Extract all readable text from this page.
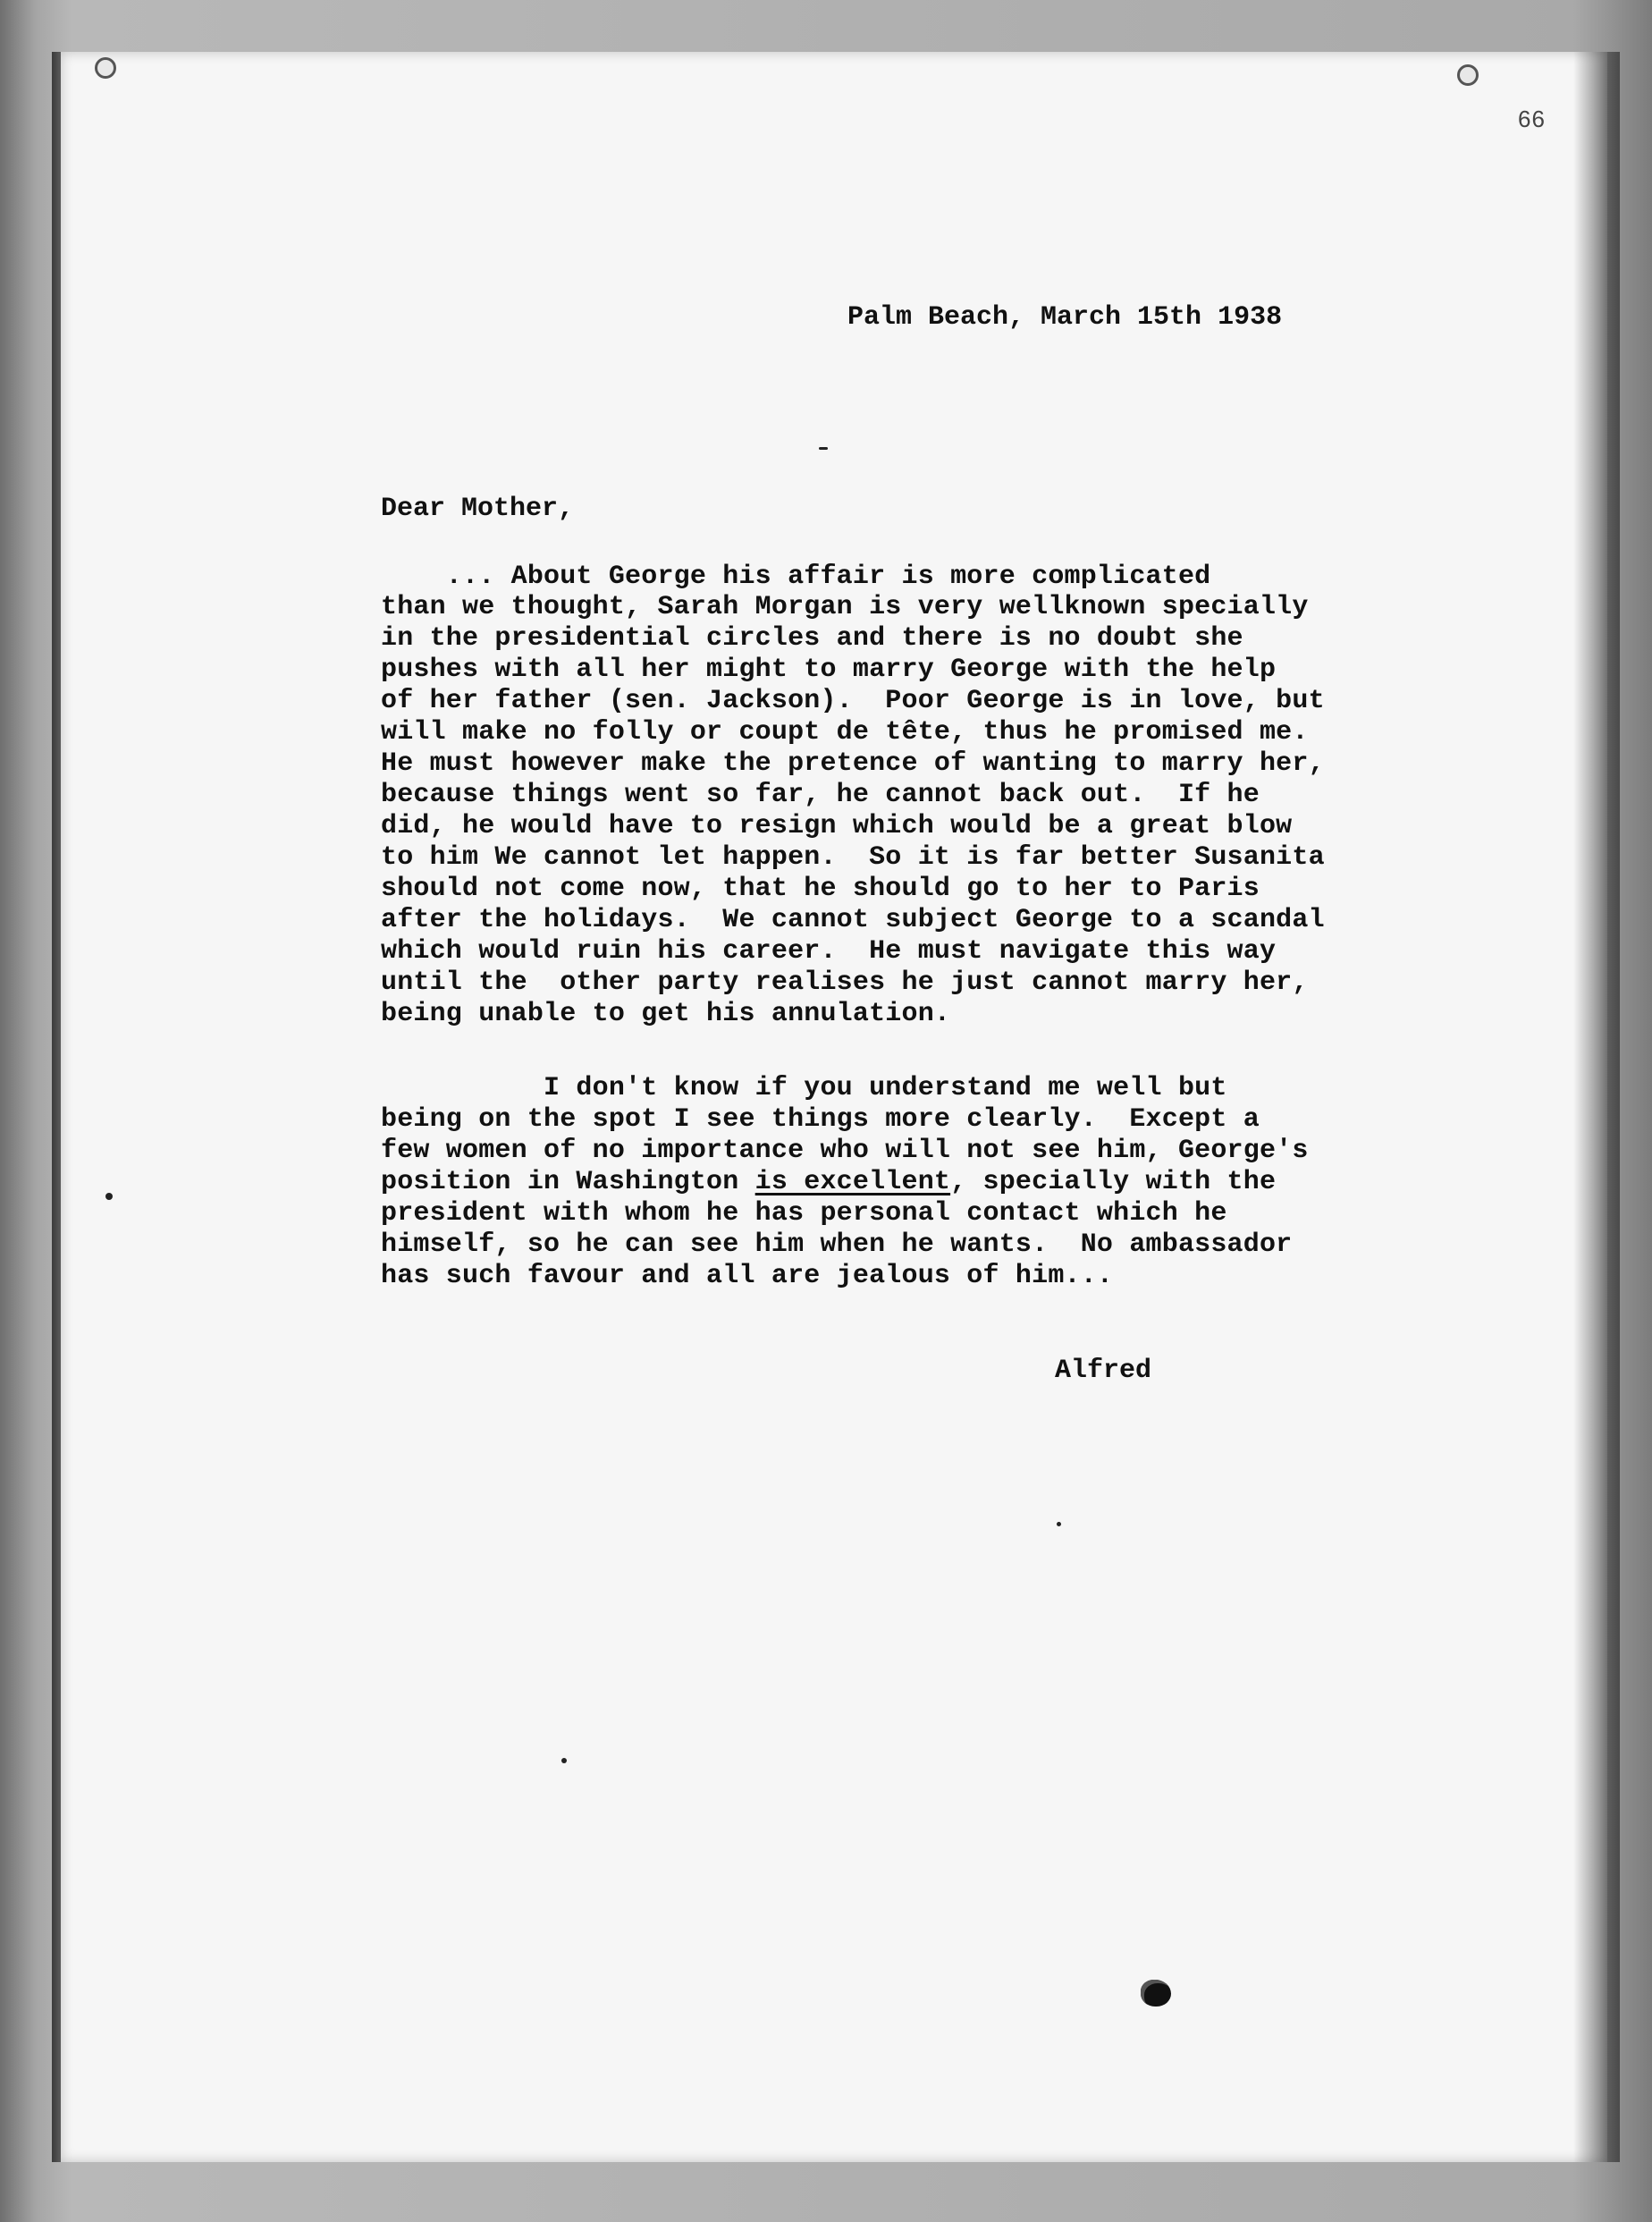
66
Palm Beach, March 15th 1938
Dear Mother,
... About George his affair is more complicated
than we thought, Sarah Morgan is very wellknown specially
in the presidential circles and there is no doubt she
pushes with all her might to marry George with the help
of her father (sen. Jackson).  Poor George is in love, but
will make no folly or coupt de tête, thus he promised me.
He must however make the pretence of wanting to marry her,
because things went so far, he cannot back out.  If he
did, he would have to resign which would be a great blow
to him We cannot let happen.  So it is far better Susanita
should not come now, that he should go to her to Paris
after the holidays.  We cannot subject George to a scandal
which would ruin his career.  He must navigate this way
until the  other party realises he just cannot marry her,
being unable to get his annulation.
I don't know if you understand me well but
being on the spot I see things more clearly.  Except a
few women of no importance who will not see him, George's
position in Washington is excellent, specially with the
president with whom he has personal contact which he
himself, so he can see him when he wants.  No ambassador
has such favour and all are jealous of him...
Alfred
